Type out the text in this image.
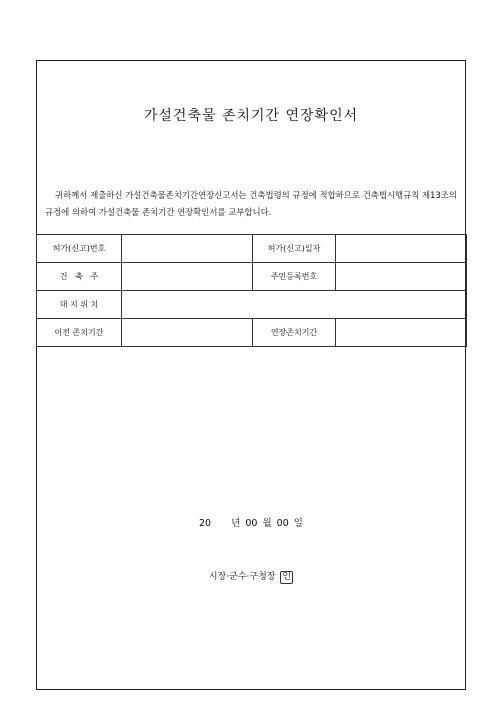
가설건축물 존치기간 연장확인서

귀하께서 제출하신 가설건축물존치기간연장신고서는 건축법령의 규정에 적합하므로 건축법시행규칙 제13조의 규정에 의하여 가설건축물 존치기간 연장확인서를 교부합니다.

허가(신고)번호		허가(신고)일자	
건   축   주		주민등록번호	
대 지 위 치			
이전 존치기간		연장존치기간	
20    년 00 월 00 일
시장·군수·구청장 인
